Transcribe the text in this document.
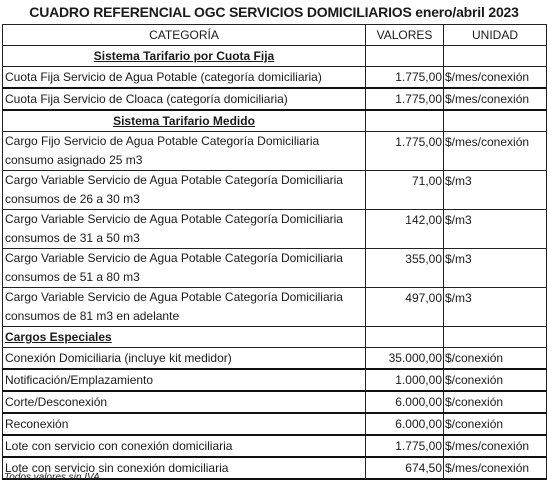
CUADRO REFERENCIAL OGC SERVICIOS DOMICILIARIOS enero/abril 2023
CATEGORÍA	VALORES	UNIDAD
Sistema Tarifario por Cuota Fija		
Cuota Fija Servicio de Agua Potable (categoría domiciliaria)	1.775,00	$/mes/conexión
Cuota Fija Servicio de Cloaca (categoría domiciliaria)	1.775,00	$/mes/conexión
Sistema Tarifario Medido		
Cargo Fijo Servicio de Agua Potable Categoría Domiciliaria consumo asignado 25 m3	1.775,00	$/mes/conexión
Cargo Variable Servicio de Agua Potable Categoría Domiciliaria consumos de 26 a 30 m3	71,00	$/m3
Cargo Variable Servicio de Agua Potable Categoría Domiciliaria consumos de 31 a 50 m3	142,00	$/m3
Cargo Variable Servicio de Agua Potable Categoría Domiciliaria consumos de 51 a 80 m3	355,00	$/m3
Cargo Variable Servicio de Agua Potable Categoría Domiciliaria consumos de 81 m3 en adelante	497,00	$/m3
Cargos Especiales		
Conexión Domiciliaria (incluye kit medidor)	35.000,00	$/conexión
Notificación/Emplazamiento	1.000,00	$/conexión
Corte/Desconexión	6.000,00	$/conexión
Reconexión	6.000,00	$/conexión
Lote con servicio con conexión domiciliaria	1.775,00	$/mes/conexión
Lote con servicio sin conexión domiciliaria	674,50	$/mes/conexión
Todos valores sin IVA
